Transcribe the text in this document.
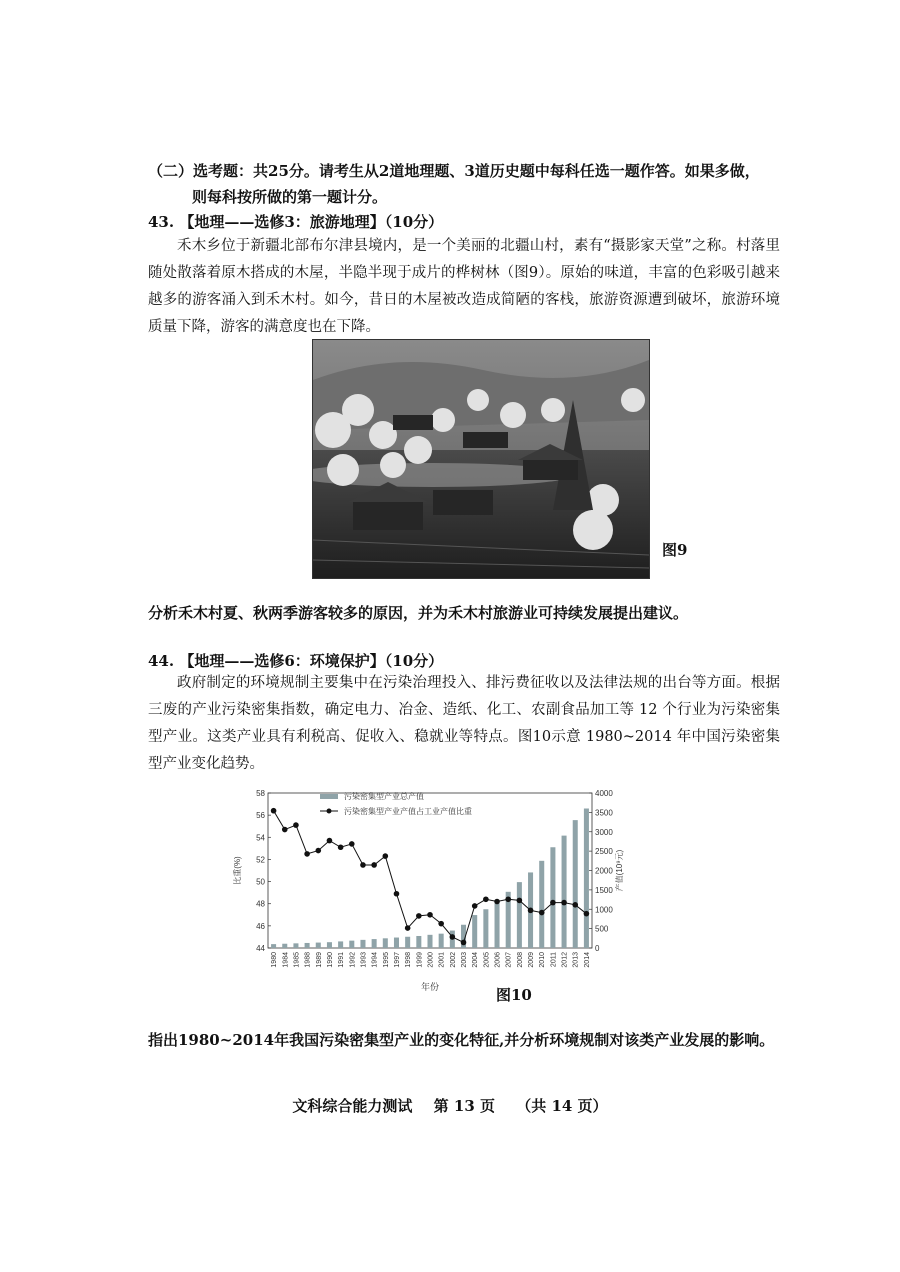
（二）选考题：共25分。请考生从2道地理题、3道历史题中每科任选一题作答。如果多做，
则每科按所做的第一题计分。
43. 【地理——选修3：旅游地理】（10分）
禾木乡位于新疆北部布尔津县境内，是一个美丽的北疆山村，素有“摄影家天堂”之称。村落里随处散落着原木搭成的木屋，半隐半现于成片的桦树林（图9）。原始的味道，丰富的色彩吸引越来越多的游客涌入到禾木村。如今，昔日的木屋被改造成简陋的客栈，旅游资源遭到破坏，旅游环境质量下降，游客的满意度也在下降。
图9
分析禾木村夏、秋两季游客较多的原因，并为禾木村旅游业可持续发展提出建议。
44. 【地理——选修6：环境保护】（10分）
政府制定的环境规制主要集中在污染治理投入、排污费征收以及法律法规的出台等方面。根据三废的产业污染密集指数，确定电力、冶金、造纸、化工、农副食品加工等 12 个行业为污染密集型产业。这类产业具有利税高、促收入、稳就业等特点。图10示意 1980~2014 年中国污染密集型产业变化趋势。
44
46
48
50
52
54
56
58
0
500
1000
1500
2000
2500
3000
3500
4000
比重(%)	产值(10⁹元)
年份
1980 1984 1985 1988 1989 1990 1991 1992 1993 1994 1995 1997 1998 1999 2000 2001 2002 2003 2004 2005 2006 2007 2008 2009 2010 2011 2012 2013 2014
污染密集型产业总产值
污染密集型产业产值占工业产值比重
图10
指出1980~2014年我国污染密集型产业的变化特征,并分析环境规制对该类产业发展的影响。
文科综合能力测试 第 13 页 （共 14 页）
